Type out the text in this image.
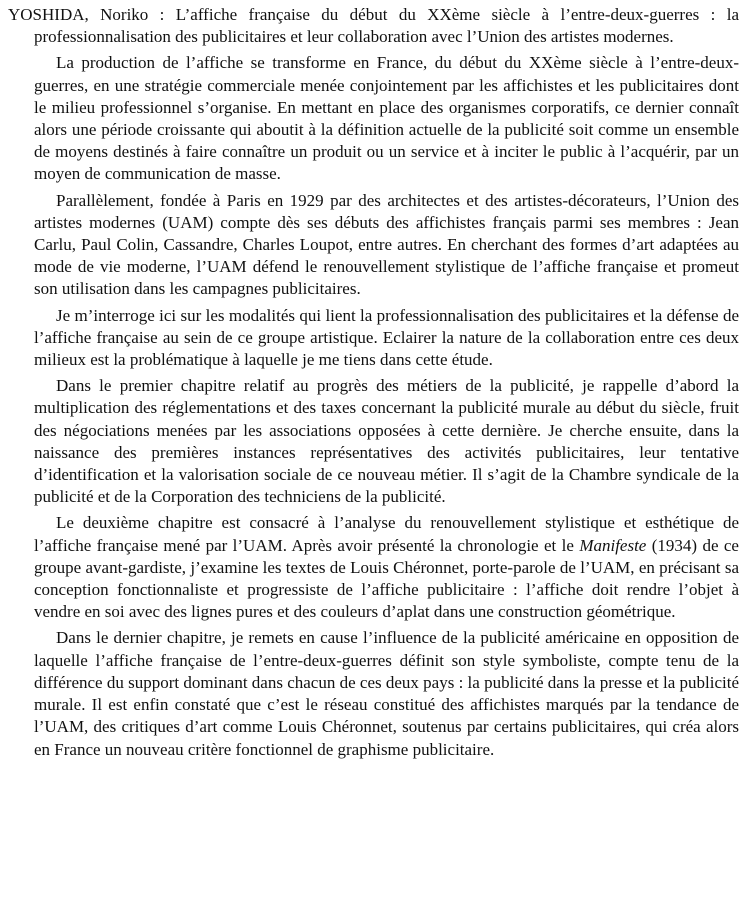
YOSHIDA, Noriko : L’affiche française du début du XXème siècle à l’entre-deux-guerres : la professionnalisation des publicitaires et leur collaboration avec l’Union des artistes modernes.

La production de l’affiche se transforme en France, du début du XXème siècle à l’entre-deux-guerres, en une stratégie commerciale menée conjointement par les affichistes et les publicitaires dont le milieu professionnel s’organise. En mettant en place des organismes corporatifs, ce dernier connaît alors une période croissante qui aboutit à la définition actuelle de la publicité soit comme un ensemble de moyens destinés à faire connaître un produit ou un service et à inciter le public à l’acquérir, par un moyen de communication de masse.

Parallèlement, fondée à Paris en 1929 par des architectes et des artistes-décorateurs, l’Union des artistes modernes (UAM) compte dès ses débuts des affichistes français parmi ses membres : Jean Carlu, Paul Colin, Cassandre, Charles Loupot, entre autres. En cherchant des formes d’art adaptées au mode de vie moderne, l’UAM défend le renouvellement stylistique de l’affiche française et promeut son utilisation dans les campagnes publicitaires.

Je m’interroge ici sur les modalités qui lient la professionnalisation des publicitaires et la défense de l’affiche française au sein de ce groupe artistique. Eclairer la nature de la collaboration entre ces deux milieux est la problématique à laquelle je me tiens dans cette étude.

Dans le premier chapitre relatif au progrès des métiers de la publicité, je rappelle d’abord la multiplication des réglementations et des taxes concernant la publicité murale au début du siècle, fruit des négociations menées par les associations opposées à cette dernière. Je cherche ensuite, dans la naissance des premières instances représentatives des activités publicitaires, leur tentative d’identification et la valorisation sociale de ce nouveau métier. Il s’agit de la Chambre syndicale de la publicité et de la Corporation des techniciens de la publicité.

Le deuxième chapitre est consacré à l’analyse du renouvellement stylistique et esthétique de l’affiche française mené par l’UAM. Après avoir présenté la chronologie et le Manifeste (1934) de ce groupe avant-gardiste, j’examine les textes de Louis Chéronnet, porte-parole de l’UAM, en précisant sa conception fonctionnaliste et progressiste de l’affiche publicitaire : l’affiche doit rendre l’objet à vendre en soi avec des lignes pures et des couleurs d’aplat dans une construction géométrique.

Dans le dernier chapitre, je remets en cause l’influence de la publicité américaine en opposition de laquelle l’affiche française de l’entre-deux-guerres définit son style symboliste, compte tenu de la différence du support dominant dans chacun de ces deux pays : la publicité dans la presse et la publicité murale. Il est enfin constaté que c’est le réseau constitué des affichistes marqués par la tendance de l’UAM, des critiques d’art comme Louis Chéronnet, soutenus par certains publicitaires, qui créa alors en France un nouveau critère fonctionnel de graphisme publicitaire.
